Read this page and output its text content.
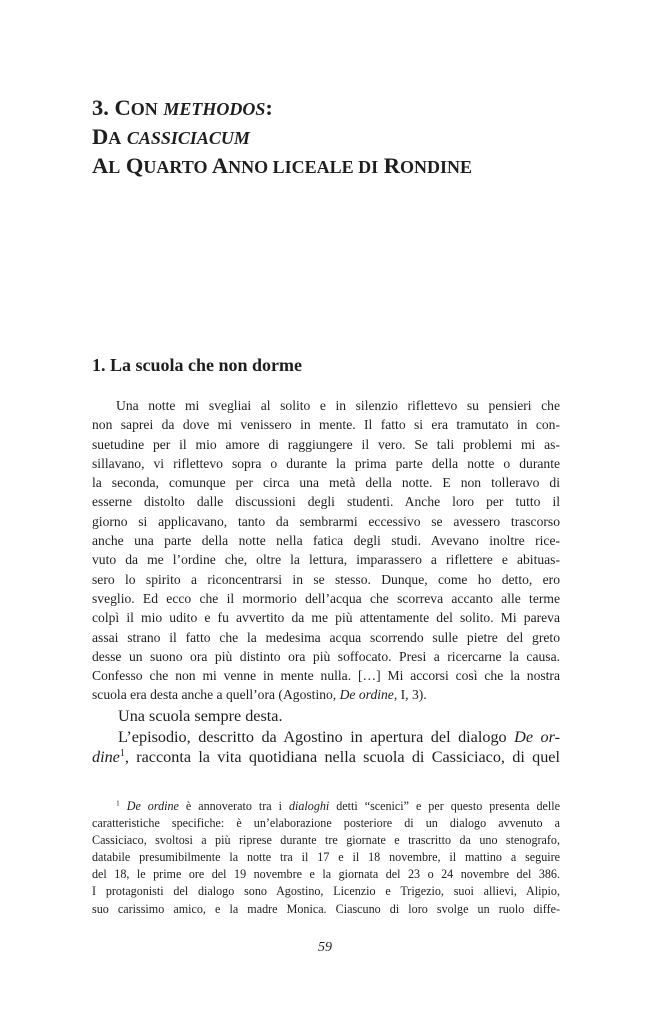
3. CON METHODOS:
DA CASSICIACUM
AL QUARTO ANNO LICEALE DI RONDINE
1. La scuola che non dorme
Una notte mi svegliai al solito e in silenzio riflettevo su pensieri che
non saprei da dove mi venissero in mente. Il fatto si era tramutato in con-
suetudine per il mio amore di raggiungere il vero. Se tali problemi mi as-
sillavano, vi riflettevo sopra o durante la prima parte della notte o durante
la seconda, comunque per circa una metà della notte. E non tolleravo di
esserne distolto dalle discussioni degli studenti. Anche loro per tutto il
giorno si applicavano, tanto da sembrarmi eccessivo se avessero trascorso
anche una parte della notte nella fatica degli studi. Avevano inoltre rice-
vuto da me l’ordine che, oltre la lettura, imparassero a riflettere e abituas-
sero lo spirito a riconcentrarsi in se stesso. Dunque, come ho detto, ero
sveglio. Ed ecco che il mormorio dell’acqua che scorreva accanto alle terme
colpì il mio udito e fu avvertito da me più attentamente del solito. Mi pareva
assai strano il fatto che la medesima acqua scorrendo sulle pietre del greto
desse un suono ora più distinto ora più soffocato. Presi a ricercarne la causa.
Confesso che non mi venne in mente nulla. […] Mi accorsi così che la nostra
scuola era desta anche a quell’ora (Agostino, De ordine, I, 3).
Una scuola sempre desta.
L’episodio, descritto da Agostino in apertura del dialogo De or-
dine$^1$, racconta la vita quotidiana nella scuola di Cassiciaco, di quel
$^1$ De ordine è annoverato tra i dialoghi detti “scenici” e per questo presenta delle
caratteristiche specifiche: è un’elaborazione posteriore di un dialogo avvenuto a
Cassiciaco, svoltosi a più riprese durante tre giornate e trascritto da uno stenografo,
databile presumibilmente la notte tra il 17 e il 18 novembre, il mattino a seguire
del 18, le prime ore del 19 novembre e la giornata del 23 o 24 novembre del 386.
I protagonisti del dialogo sono Agostino, Licenzio e Trigezio, suoi allievi, Alipio,
suo carissimo amico, e la madre Monica. Ciascuno di loro svolge un ruolo diffe-
59
